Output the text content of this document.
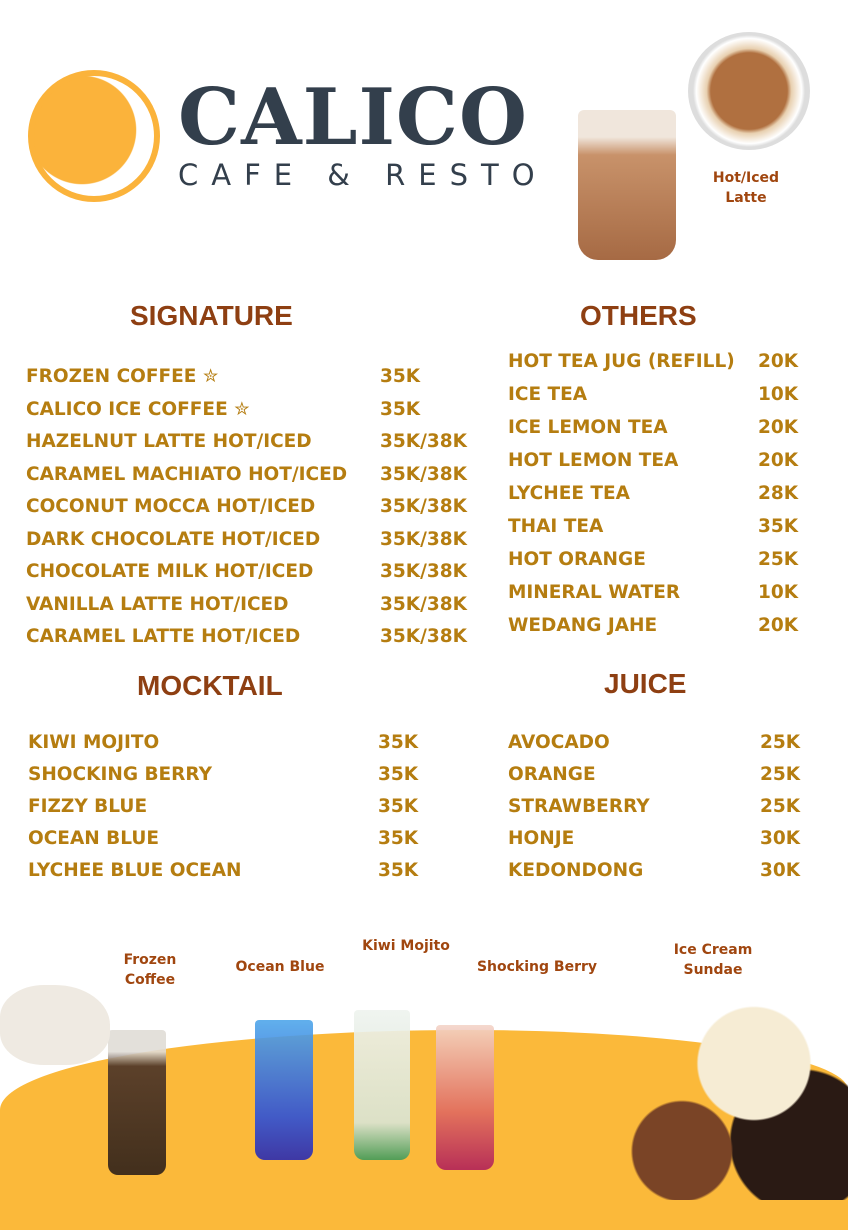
CALICO
CAFE & RESTO	Hot/Iced Latte
SIGNATURE	OTHERS
MOCKTAIL	JUICE
FROZEN COFFEE ✮	35K
CALICO ICE COFFEE ✮	35K
HAZELNUT LATTE HOT/ICED	35K/38K
CARAMEL MACHIATO HOT/ICED 35K/38K
COCONUT MOCCA HOT/ICED	35K/38K
DARK CHOCOLATE HOT/ICED	35K/38K
CHOCOLATE MILK HOT/ICED	35K/38K
VANILLA LATTE HOT/ICED	35K/38K
CARAMEL LATTE HOT/ICED	35K/38K
HOT TEA JUG (REFILL) 20K
ICE TEA	10K
ICE LEMON TEA	20K
HOT LEMON TEA	20K
LYCHEE TEA	28K
THAI TEA	35K
HOT ORANGE	25K
MINERAL WATER	10K
WEDANG JAHE	20K
KIWI MOJITO	35K
SHOCKING BERRY	35K
FIZZY BLUE	35K
OCEAN BLUE	35K
LYCHEE BLUE OCEAN	35K
AVOCADO	25K
ORANGE	25K
STRAWBERRY	25K
HONJE	30K
KEDONDONG	30K
Frozen Coffee
Ocean Blue
Kiwi Mojito
Shocking Berry
Ice Cream Sundae
